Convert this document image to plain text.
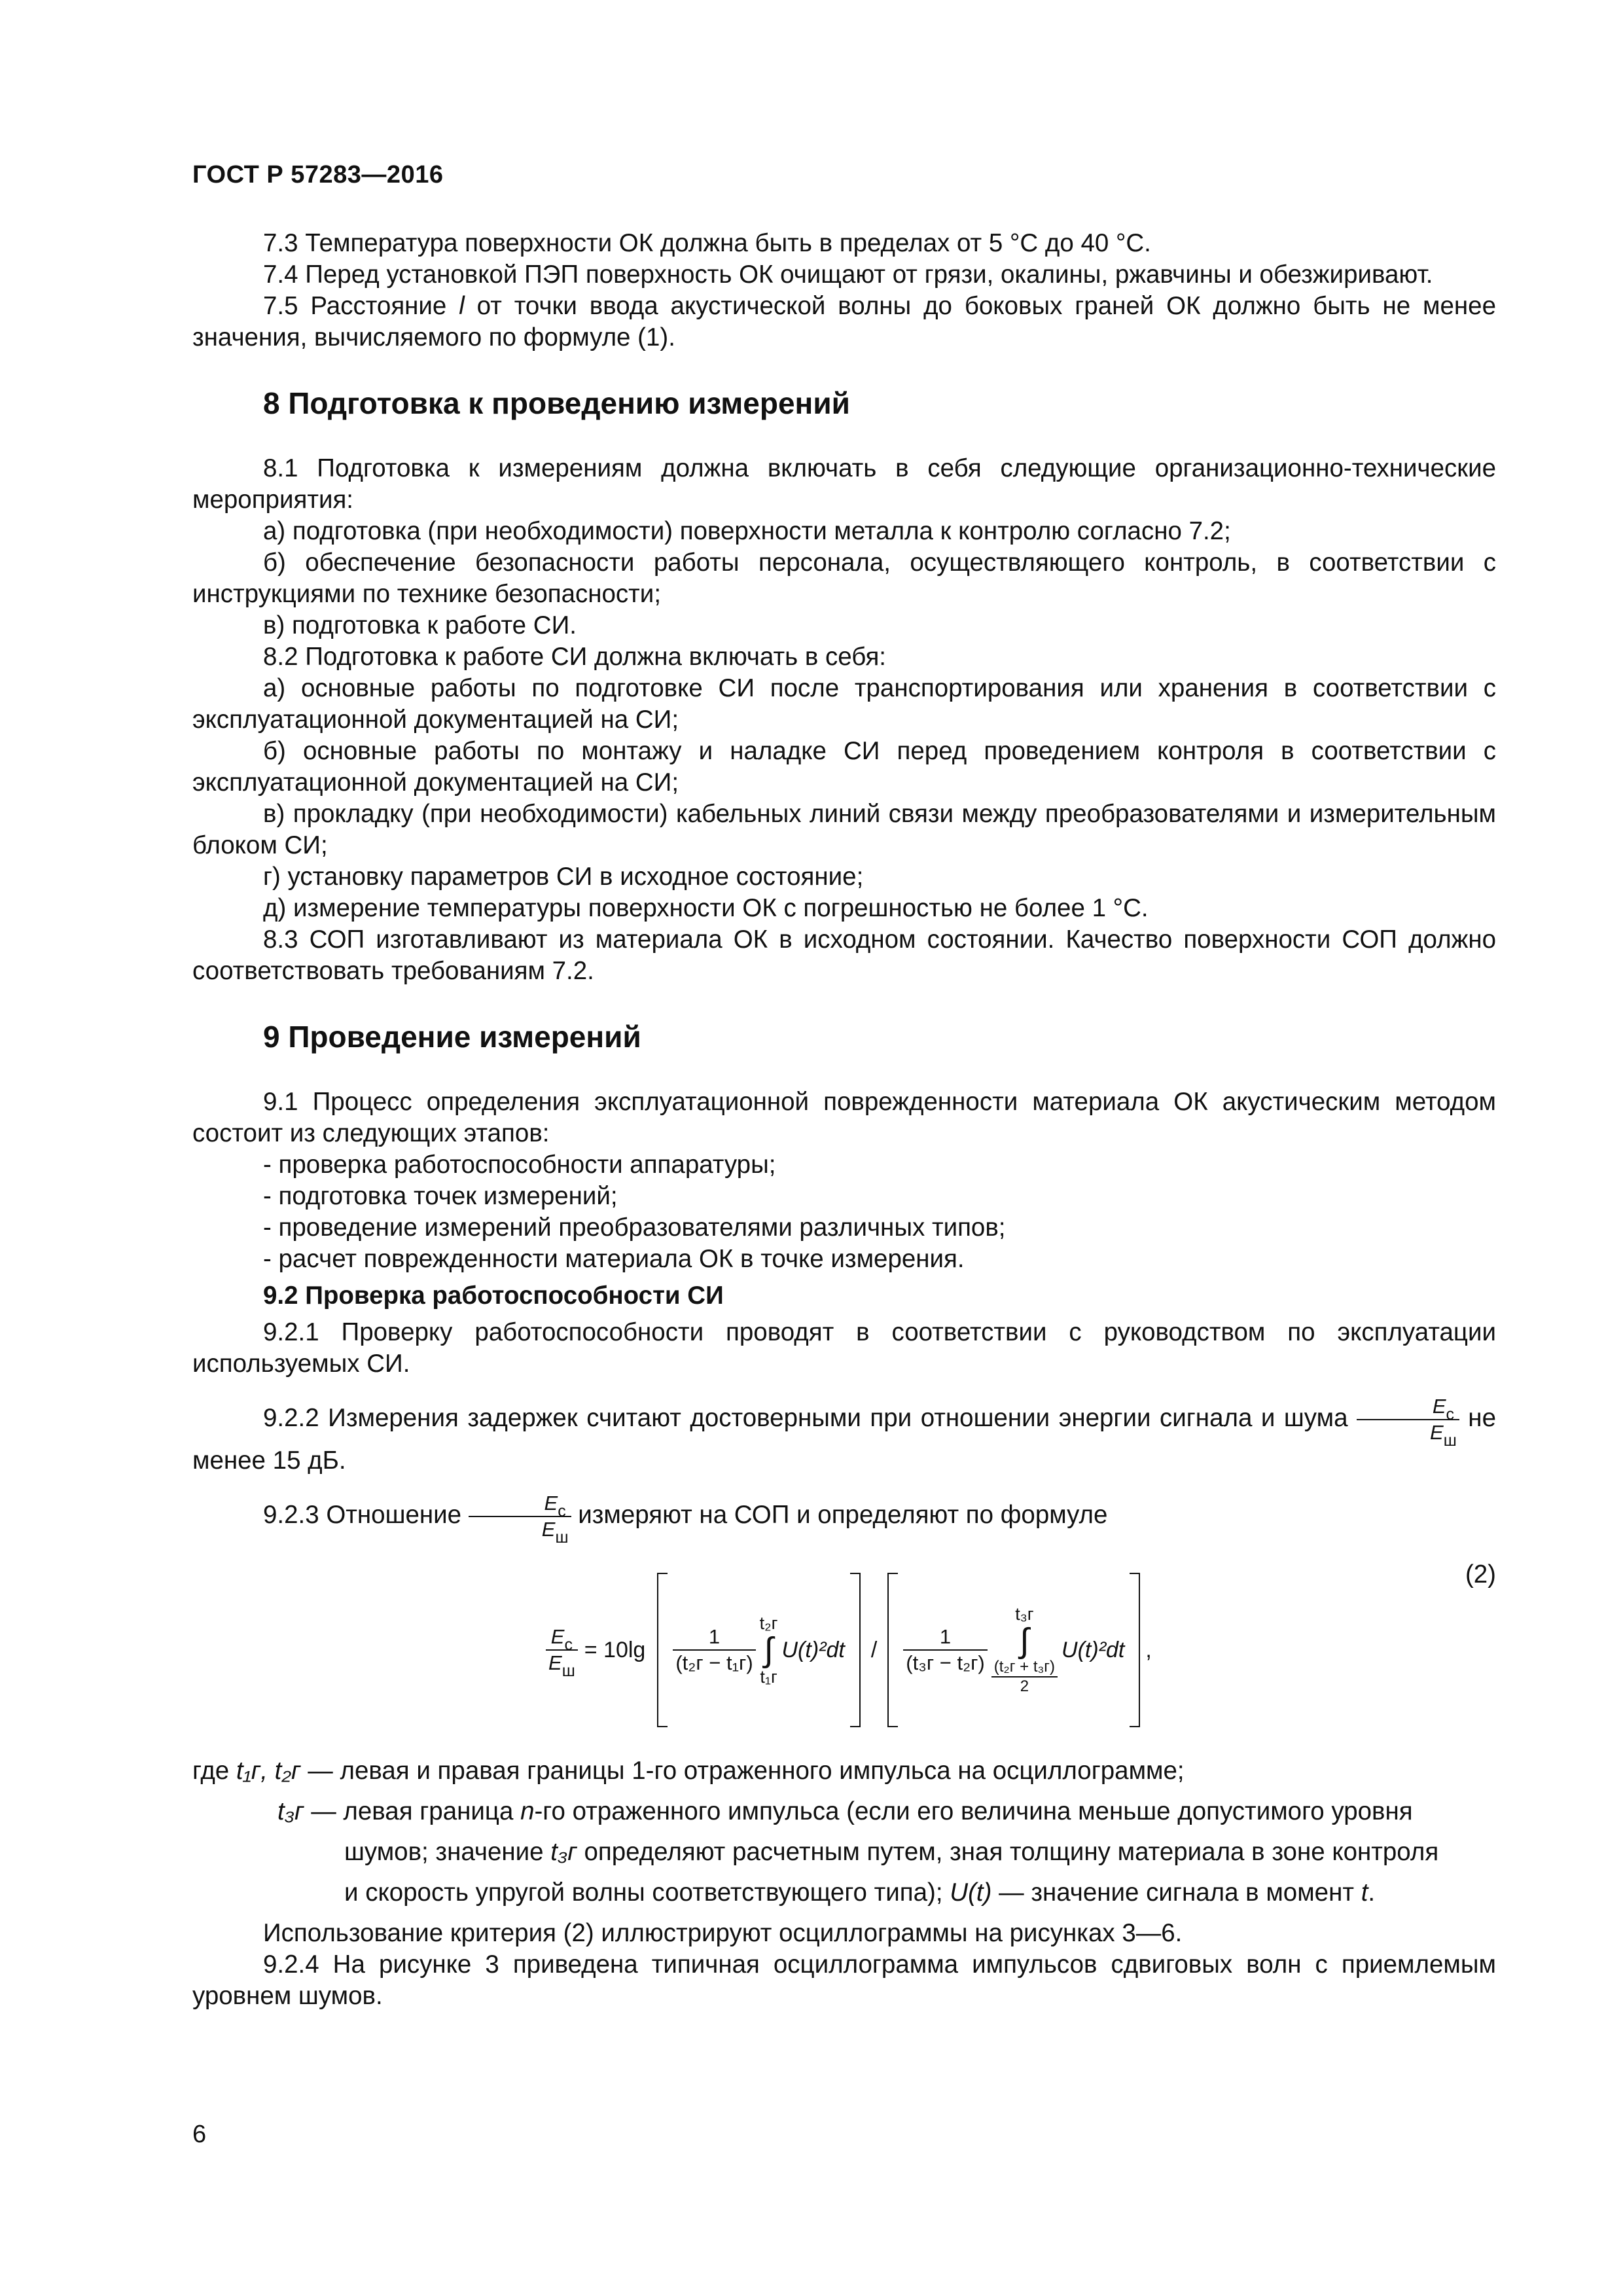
ГОСТ Р 57283—2016

7.3 Температура поверхности ОК должна быть в пределах от 5 °С до 40 °С.

7.4 Перед установкой ПЭП поверхность ОК очищают от грязи, окалины, ржавчины и обезжиривают.

7.5 Расстояние l от точки ввода акустической волны до боковых граней ОК должно быть не менее значения, вычисляемого по формуле (1).

8 Подготовка к проведению измерений

8.1 Подготовка к измерениям должна включать в себя следующие организационно-технические мероприятия:

а) подготовка (при необходимости) поверхности металла к контролю согласно 7.2;

б) обеспечение безопасности работы персонала, осуществляющего контроль, в соответствии с инструкциями по технике безопасности;

в) подготовка к работе СИ.

8.2 Подготовка к работе СИ должна включать в себя:

а) основные работы по подготовке СИ после транспортирования или хранения в соответствии с эксплуатационной документацией на СИ;

б) основные работы по монтажу и наладке СИ перед проведением контроля в соответствии с эксплуатационной документацией на СИ;

в) прокладку (при необходимости) кабельных линий связи между преобразователями и измерительным блоком СИ;

г) установку параметров СИ в исходное состояние;

д) измерение температуры поверхности ОК с погрешностью не более 1 °С.

8.3 СОП изготавливают из материала ОК в исходном состоянии. Качество поверхности СОП должно соответствовать требованиям 7.2.

9 Проведение измерений

9.1 Процесс определения эксплуатационной поврежденности материала ОК акустическим методом состоит из следующих этапов:

- проверка работоспособности аппаратуры;

- подготовка точек измерений;

- проведение измерений преобразователями различных типов;

- расчет поврежденности материала ОК в точке измерения.

9.2 Проверка работоспособности СИ

9.2.1 Проверку работоспособности проводят в соответствии с руководством по эксплуатации используемых СИ.

9.2.2 Измерения задержек считают достоверными при отношении энергии сигнала и шума $\frac{E_с}{E_ш}$ не менее 15 дБ.

9.2.3 Отношение $\frac{E_с}{E_ш}$ измеряют на СОП и определяют по формуле

(2)
$\frac{E_с}{E_ш} = 10\lg \frac{1}{\text{(t₂ᴦ − t₁ᴦ)}}$
t₂ᴦ
∫
t₁ᴦ
$U(t)^2dt / \frac{1}{\text{(t₃ᴦ − t₂ᴦ)}}$
t₃ᴦ
∫
$\frac{\text{(t₂ᴦ + t₃ᴦ)}}{2}$
U(t)²dt ,

где t₁ᴦ, t₂ᴦ — левая и правая границы 1-го отраженного импульса на осциллограмме;

t₃ᴦ — левая граница n-го отраженного импульса (если его величина меньше допустимого уровня

шумов; значение t₃ᴦ определяют расчетным путем, зная толщину материала в зоне контроля

и скорость упругой волны соответствующего типа); U(t) — значение сигнала в момент t.

Использование критерия (2) иллюстрируют осциллограммы на рисунках 3—6.

9.2.4 На рисунке 3 приведена типичная осциллограмма импульсов сдвиговых волн с приемлемым уровнем шумов.

6
